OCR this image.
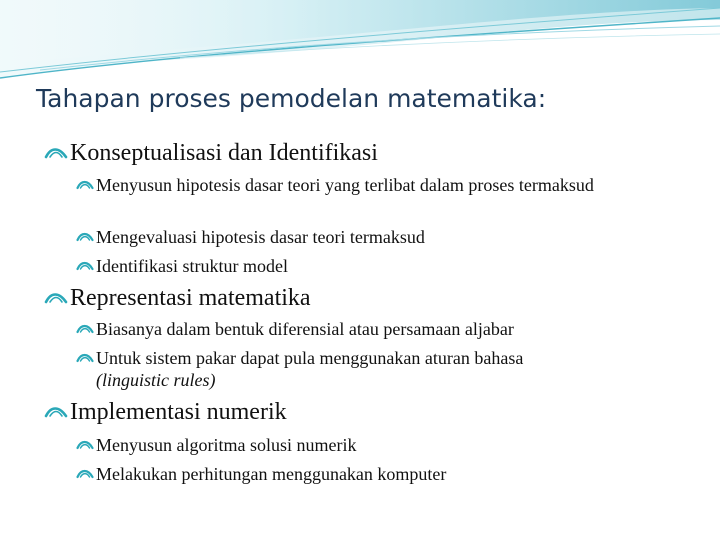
Tahapan proses pemodelan matematika:
Konseptualisasi dan Identifikasi
Menyusun hipotesis dasar teori yang terlibat dalam proses termaksud
Mengevaluasi hipotesis dasar teori termaksud
Identifikasi struktur model
Representasi matematika
Biasanya dalam bentuk diferensial atau persamaan aljabar
Untuk sistem pakar dapat pula menggunakan aturan bahasa
(linguistic rules)
Implementasi numerik
Menyusun algoritma solusi numerik
Melakukan perhitungan menggunakan komputer
